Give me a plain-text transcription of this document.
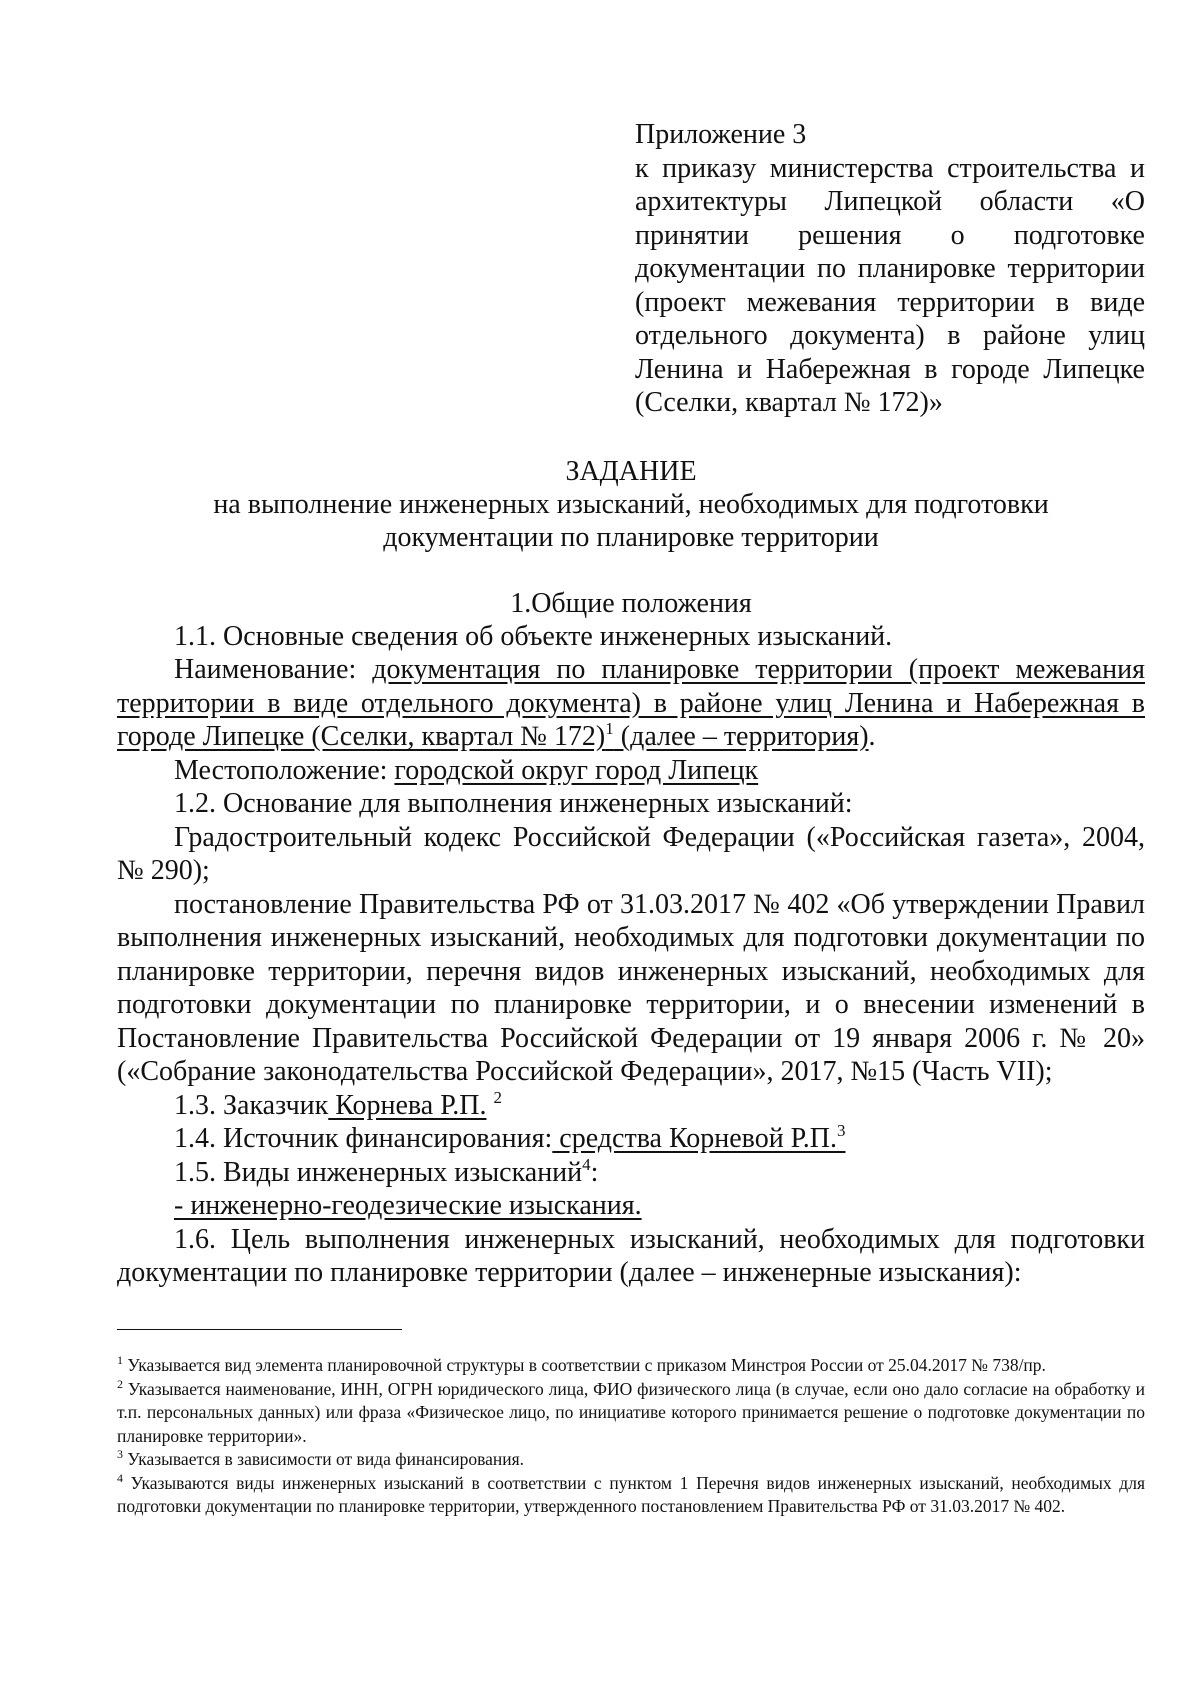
Приложение 3
к приказу министерства строительства и
архитектуры Липецкой области «О
принятии решения о подготовке
документации по планировке территории
(проект межевания территории в виде
отдельного документа) в районе улиц
Ленина и Набережная в городе Липецке
(Сселки, квартал № 172)»
ЗАДАНИЕ
на выполнение инженерных изысканий, необходимых для подготовки
документации по планировке территории
1.Общие положения

1.1. Основные сведения об объекте инженерных изысканий.

Наименование: документация по планировке территории (проект межевания территории в виде отдельного документа) в районе улиц Ленина и Набережная в городе Липецке (Сселки, квартал № 172)$^1$ (далее – территория).

Местоположение: городской округ город Липецк

1.2. Основание для выполнения инженерных изысканий:

Градостроительный кодекс Российской Федерации («Российская газета», 2004, № 290);

постановление Правительства РФ от 31.03.2017 № 402 «Об утверждении Правил выполнения инженерных изысканий, необходимых для подготовки документации по планировке территории, перечня видов инженерных изысканий, необходимых для подготовки документации по планировке территории, и о внесении изменений в Постановление Правительства Российской Федерации от 19 января 2006 г. № 20» («Собрание законодательства Российской Федерации», 2017, №15 (Часть VII);

1.3. Заказчик Корнева Р.П. $^2$

1.4. Источник финансирования: средства Корневой Р.П.$^3$

1.5. Виды инженерных изысканий$^4$:

- инженерно-геодезические изыскания.

1.6. Цель выполнения инженерных изысканий, необходимых для подготовки документации по планировке территории (далее – инженерные изыскания):

$^1$ Указывается вид элемента планировочной структуры в соответствии с приказом Минстроя России от 25.04.2017 № 738/пр.

$^2$ Указывается наименование, ИНН, ОГРН юридического лица, ФИО физического лица (в случае, если оно дало согласие на обработку и т.п. персональных данных) или фраза «Физическое лицо, по инициативе которого принимается решение о подготовке документации по планировке территории».

$^3$ Указывается в зависимости от вида финансирования.

$^4$ Указываются виды инженерных изысканий в соответствии с пунктом 1 Перечня видов инженерных изысканий, необходимых для подготовки документации по планировке территории, утвержденного постановлением Правительства РФ от 31.03.2017 № 402.
